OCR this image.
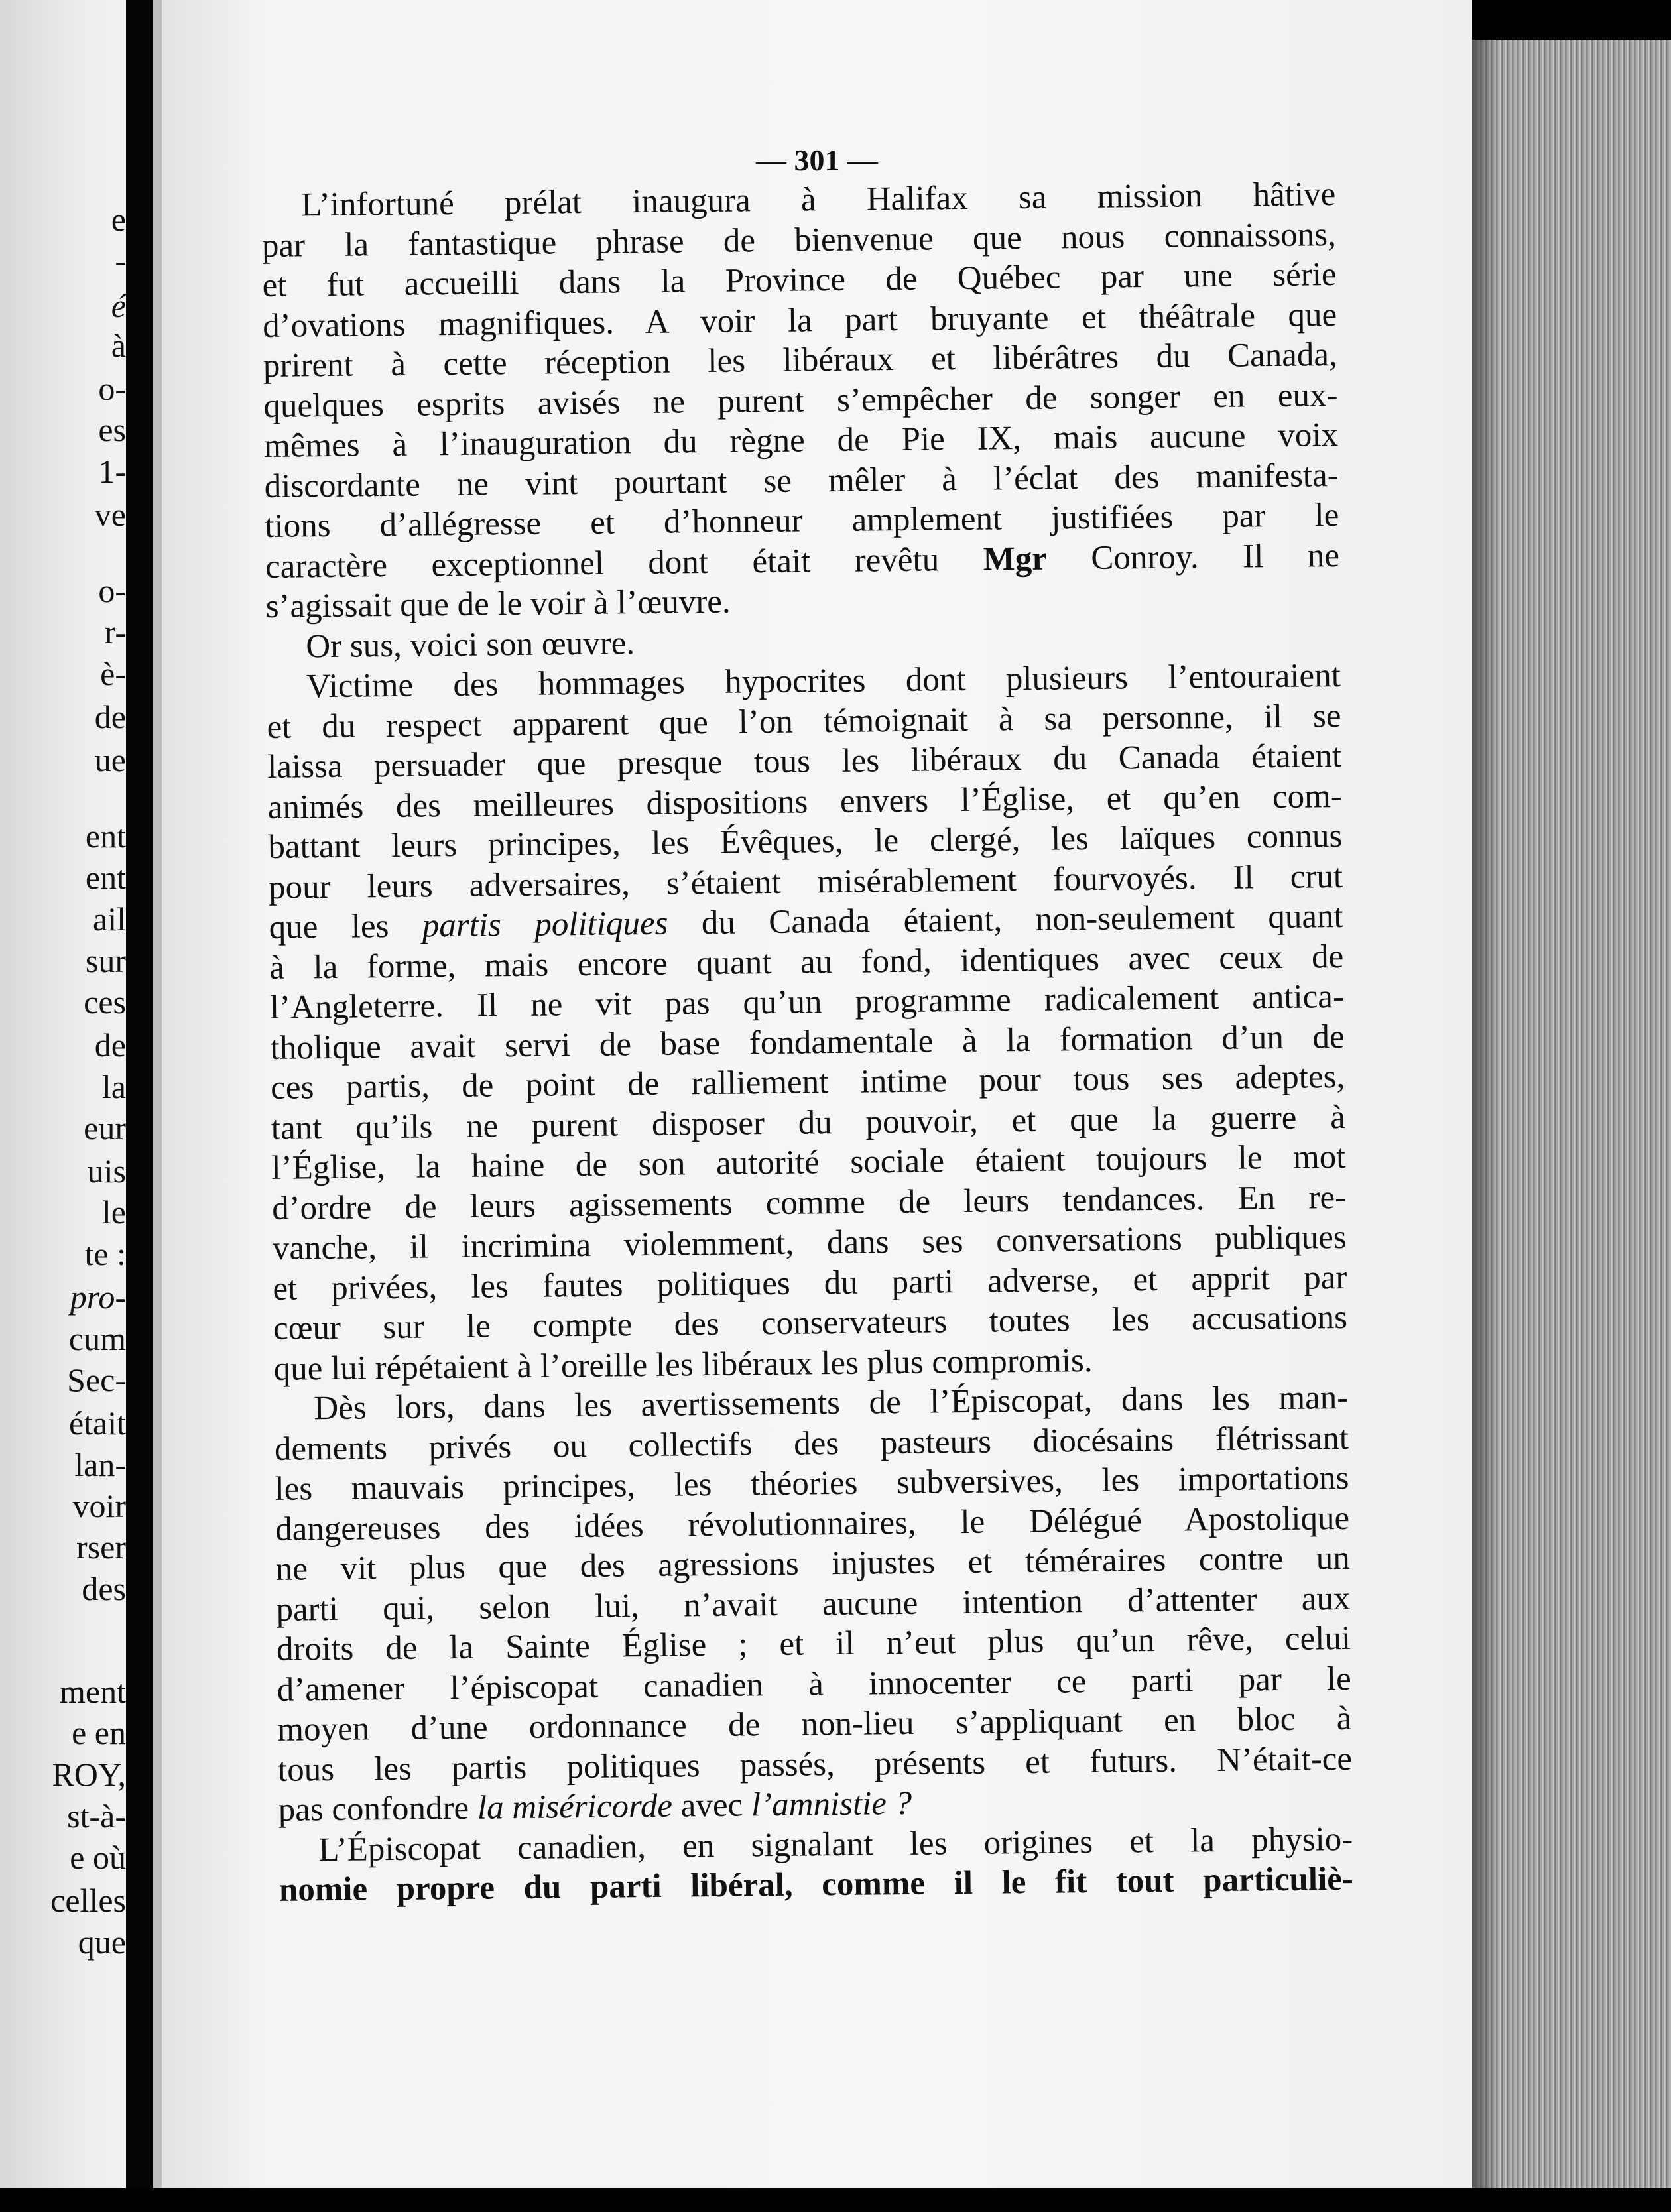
e
-
é
à
o-
es
1-
ve
o-
r-
è-
de
ue
ent
ent
ail
sur
ces
de
la
eur
uis
le
te :
pro-
cum
Sec-
était
lan-
voir
rser
des
ment
e en
ROY,
st-à-
e où
celles
que
— 301 —
L’infortuné prélat inaugura à Halifax sa mission hâtive
par la fantastique phrase de bienvenue que nous connaissons,
et fut accueilli dans la Province de Québec par une série
d’ovations magnifiques. A voir la part bruyante et théâtrale que
prirent à cette réception les libéraux et libérâtres du Canada,
quelques esprits avisés ne purent s’empêcher de songer en eux-
mêmes à l’inauguration du règne de Pie IX, mais aucune voix
discordante ne vint pourtant se mêler à l’éclat des manifesta-
tions d’allégresse et d’honneur amplement justifiées par le
caractère exceptionnel dont était revêtu Mgr Conroy. Il ne
s’agissait que de le voir à l’œuvre.
Or sus, voici son œuvre.
Victime des hommages hypocrites dont plusieurs l’entouraient
et du respect apparent que l’on témoignait à sa personne, il se
laissa persuader que presque tous les libéraux du Canada étaient
animés des meilleures dispositions envers l’Église, et qu’en com-
battant leurs principes, les Évêques, le clergé, les laïques connus
pour leurs adversaires, s’étaient misérablement fourvoyés. Il crut
que les partis politiques du Canada étaient, non-seulement quant
à la forme, mais encore quant au fond, identiques avec ceux de
l’Angleterre. Il ne vit pas qu’un programme radicalement antica-
tholique avait servi de base fondamentale à la formation d’un de
ces partis, de point de ralliement intime pour tous ses adeptes,
tant qu’ils ne purent disposer du pouvoir, et que la guerre à
l’Église, la haine de son autorité sociale étaient toujours le mot
d’ordre de leurs agissements comme de leurs tendances. En re-
vanche, il incrimina violemment, dans ses conversations publiques
et privées, les fautes politiques du parti adverse, et apprit par
cœur sur le compte des conservateurs toutes les accusations
que lui répétaient à l’oreille les libéraux les plus compromis.
Dès lors, dans les avertissements de l’Épiscopat, dans les man-
dements privés ou collectifs des pasteurs diocésains flétrissant
les mauvais principes, les théories subversives, les importations
dangereuses des idées révolutionnaires, le Délégué Apostolique
ne vit plus que des agressions injustes et téméraires contre un
parti qui, selon lui, n’avait aucune intention d’attenter aux
droits de la Sainte Église ; et il n’eut plus qu’un rêve, celui
d’amener l’épiscopat canadien à innocenter ce parti par le
moyen d’une ordonnance de non-lieu s’appliquant en bloc à
tous les partis politiques passés, présents et futurs. N’était-ce
pas confondre la miséricorde avec l’amnistie ?
L’Épiscopat canadien, en signalant les origines et la physio-
nomie propre du parti libéral, comme il le fit tout particuliè-
